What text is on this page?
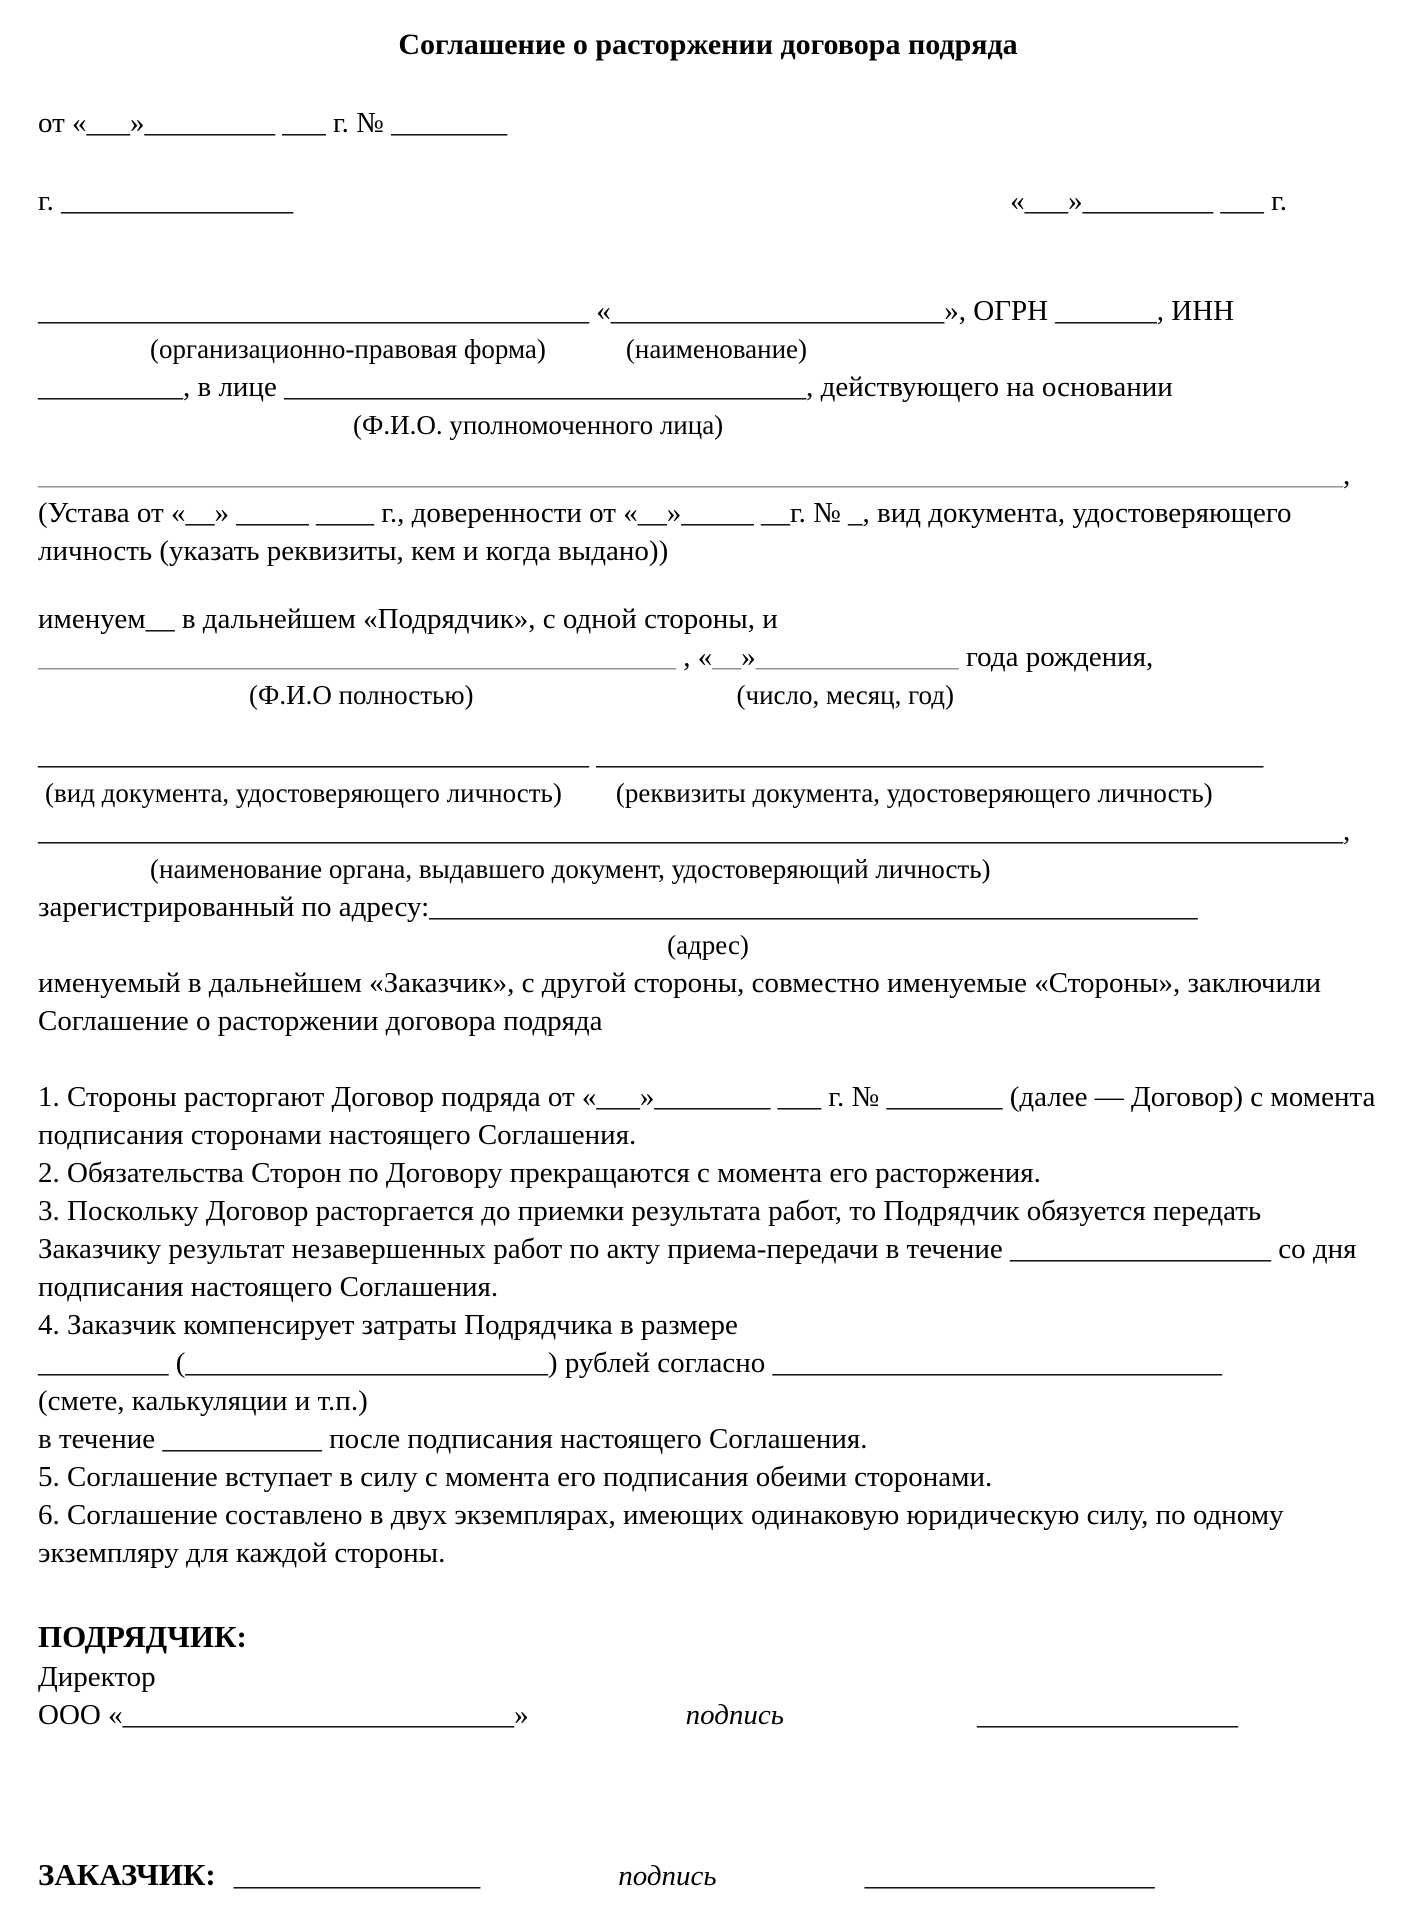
Соглашение о расторжении договора подряда
от «___»_________ ___ г. № ________
г. ________________	«___»_________ ___ г.
______________________________________ «_______________________», ОГРН _______, ИНН
(организационно-правовая форма)	(наименование)
__________, в лице ____________________________________, действующего на основании
(Ф.И.О. уполномоченного лица)
__________________________________________________________________________________________,
(Устава от «__» _____ ____ г., доверенности от «__»_____ __г. № _, вид документа, удостоверяющего личность (указать реквизиты, кем и когда выдано))
именуем__ в дальнейшем «Подрядчик», с одной стороны, и
____________________________________________ , «__»______________ года рождения,
(Ф.И.О полностью)	(число, месяц, год)
______________________________________ ______________________________________________
(вид документа, удостоверяющего личность) (реквизиты документа, удостоверяющего личность)
__________________________________________________________________________________________,
(наименование органа, выдавшего документ, удостоверяющий личность)
зарегистрированный по адресу:_____________________________________________________
(адрес)
именуемый в дальнейшем «Заказчик», с другой стороны, совместно именуемые «Стороны», заключили Соглашение о расторжении договора подряда
1. Стороны расторгают Договор подряда от «___»________ ___ г. № ________ (далее — Договор) с момента подписания сторонами настоящего Соглашения.
2. Обязательства Сторон по Договору прекращаются с момента его расторжения.
3. Поскольку Договор расторгается до приемки результата работ, то Подрядчик обязуется передать Заказчику результат незавершенных работ по акту приема-передачи в течение __________________ со дня подписания настоящего Соглашения.
4. Заказчик компенсирует затраты Подрядчика в размере
_________ (_________________________) рублей согласно _______________________________
(смете, калькуляции и т.п.)
в течение ___________ после подписания настоящего Соглашения.
5. Соглашение вступает в силу с момента его подписания обеими сторонами.
6. Соглашение составлено в двух экземплярах, имеющих одинаковую юридическую силу, по одному экземпляру для каждой стороны.
ПОДРЯДЧИК:
Директор
ООО «___________________________»	подпись	__________________
ЗАКАЗЧИК: _________________	подпись	____________________
